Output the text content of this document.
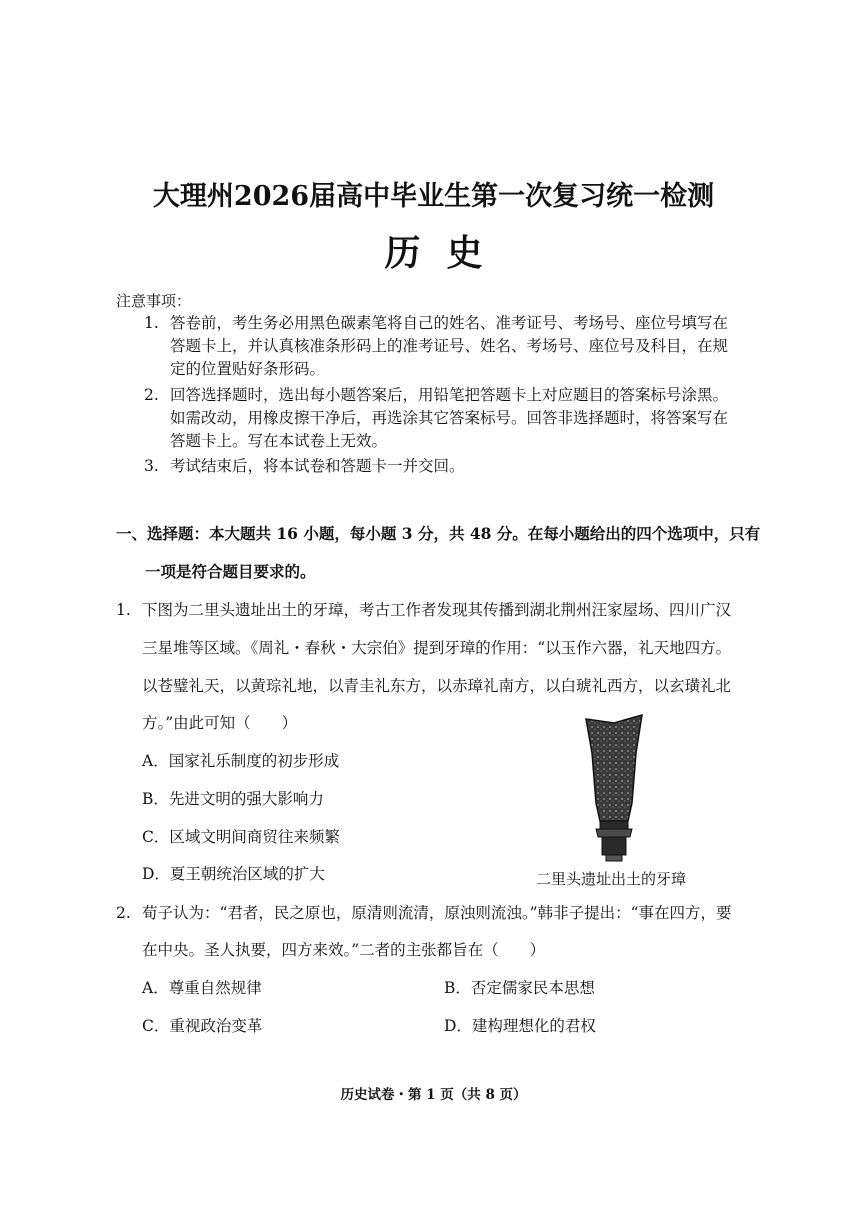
大理州2026届高中毕业生第一次复习统一检测
历史
注意事项：
1. 答卷前，考生务必用黑色碳素笔将自己的姓名、准考证号、考场号、座位号填写在
答题卡上，并认真核准条形码上的准考证号、姓名、考场号、座位号及科目，在规
定的位置贴好条形码。
2. 回答选择题时，选出每小题答案后，用铅笔把答题卡上对应题目的答案标号涂黑。
如需改动，用橡皮擦干净后，再选涂其它答案标号。回答非选择题时，将答案写在
答题卡上。写在本试卷上无效。
3. 考试结束后，将本试卷和答题卡一并交回。
一、选择题：本大题共 16 小题，每小题 3 分，共 48 分。在每小题给出的四个选项中，只有
一项是符合题目要求的。
1. 下图为二里头遗址出土的牙璋，考古工作者发现其传播到湖北荆州汪家屋场、四川广汉
三星堆等区域。《周礼・春秋・大宗伯》提到牙璋的作用：“以玉作六器，礼天地四方。
以苍璧礼天，以黄琮礼地，以青圭礼东方，以赤璋礼南方，以白琥礼西方，以玄璜礼北
方。”由此可知（　　）
A．国家礼乐制度的初步形成
B．先进文明的强大影响力
C．区域文明间商贸往来频繁
D．夏王朝统治区域的扩大	二里头遗址出土的牙璋
2. 荀子认为：“君者，民之原也，原清则流清，原浊则流浊。”韩非子提出：“事在四方，要
在中央。圣人执要，四方来效。”二者的主张都旨在（　　）
A．尊重自然规律	B．否定儒家民本思想
C．重视政治变革	D．建构理想化的君权
历史试卷・第 1 页（共 8 页）
